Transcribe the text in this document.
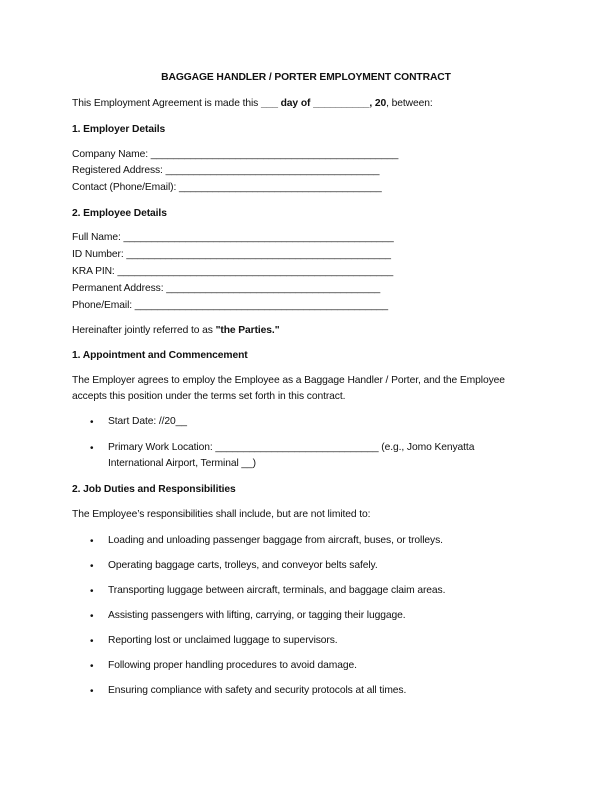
BAGGAGE HANDLER / PORTER EMPLOYMENT CONTRACT
This Employment Agreement is made this ___ day of __________, 20, between:
1. Employer Details
Company Name: ____________________________________________
Registered Address: ______________________________________
Contact (Phone/Email): ____________________________________
2. Employee Details
Full Name: ________________________________________________
ID Number: _______________________________________________
KRA PIN: _________________________________________________
Permanent Address: ______________________________________
Phone/Email: _____________________________________________
Hereinafter jointly referred to as "the Parties."
1. Appointment and Commencement
The Employer agrees to employ the Employee as a Baggage Handler / Porter, and the Employee
accepts this position under the terms set forth in this contract.
• Start Date: //20__
• Primary Work Location: _____________________________ (e.g., Jomo Kenyatta
International Airport, Terminal __)
2. Job Duties and Responsibilities
The Employee’s responsibilities shall include, but are not limited to:
• Loading and unloading passenger baggage from aircraft, buses, or trolleys.
• Operating baggage carts, trolleys, and conveyor belts safely.
• Transporting luggage between aircraft, terminals, and baggage claim areas.
• Assisting passengers with lifting, carrying, or tagging their luggage.
• Reporting lost or unclaimed luggage to supervisors.
• Following proper handling procedures to avoid damage.
• Ensuring compliance with safety and security protocols at all times.
